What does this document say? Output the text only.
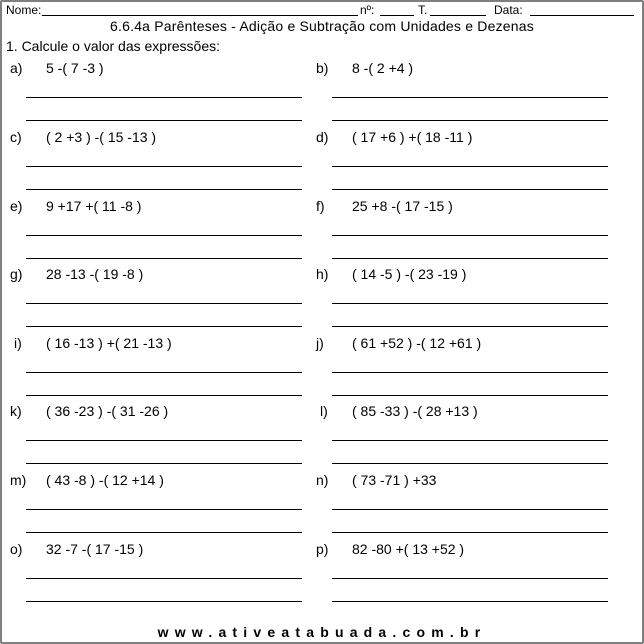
Nome:	nº:	T.	Data:
6.6.4a Parênteses - Adição e Subtração com Unidades e Dezenas
1. Calcule o valor das expressões:
a) 5 -( 7 -3 )	b) 8 -( 2 +4 )
c) ( 2 +3 ) -( 15 -13 )	d) ( 17 +6 ) +( 18 -11 )
e) 9 +17 +( 11 -8 )	f) 25 +8 -( 17 -15 )
g) 28 -13 -( 19 -8 )	h) ( 14 -5 ) -( 23 -19 )
i) ( 16 -13 ) +( 21 -13 )	j) ( 61 +52 ) -( 12 +61 )
k) ( 36 -23 ) -( 31 -26 )	l) ( 85 -33 ) -( 28 +13 )
m) ( 43 -8 ) -( 12 +14 )	n) ( 73 -71 ) +33
o) 32 -7 -( 17 -15 )	p) 82 -80 +( 13 +52 )
www.ativeatabuada.com.br
